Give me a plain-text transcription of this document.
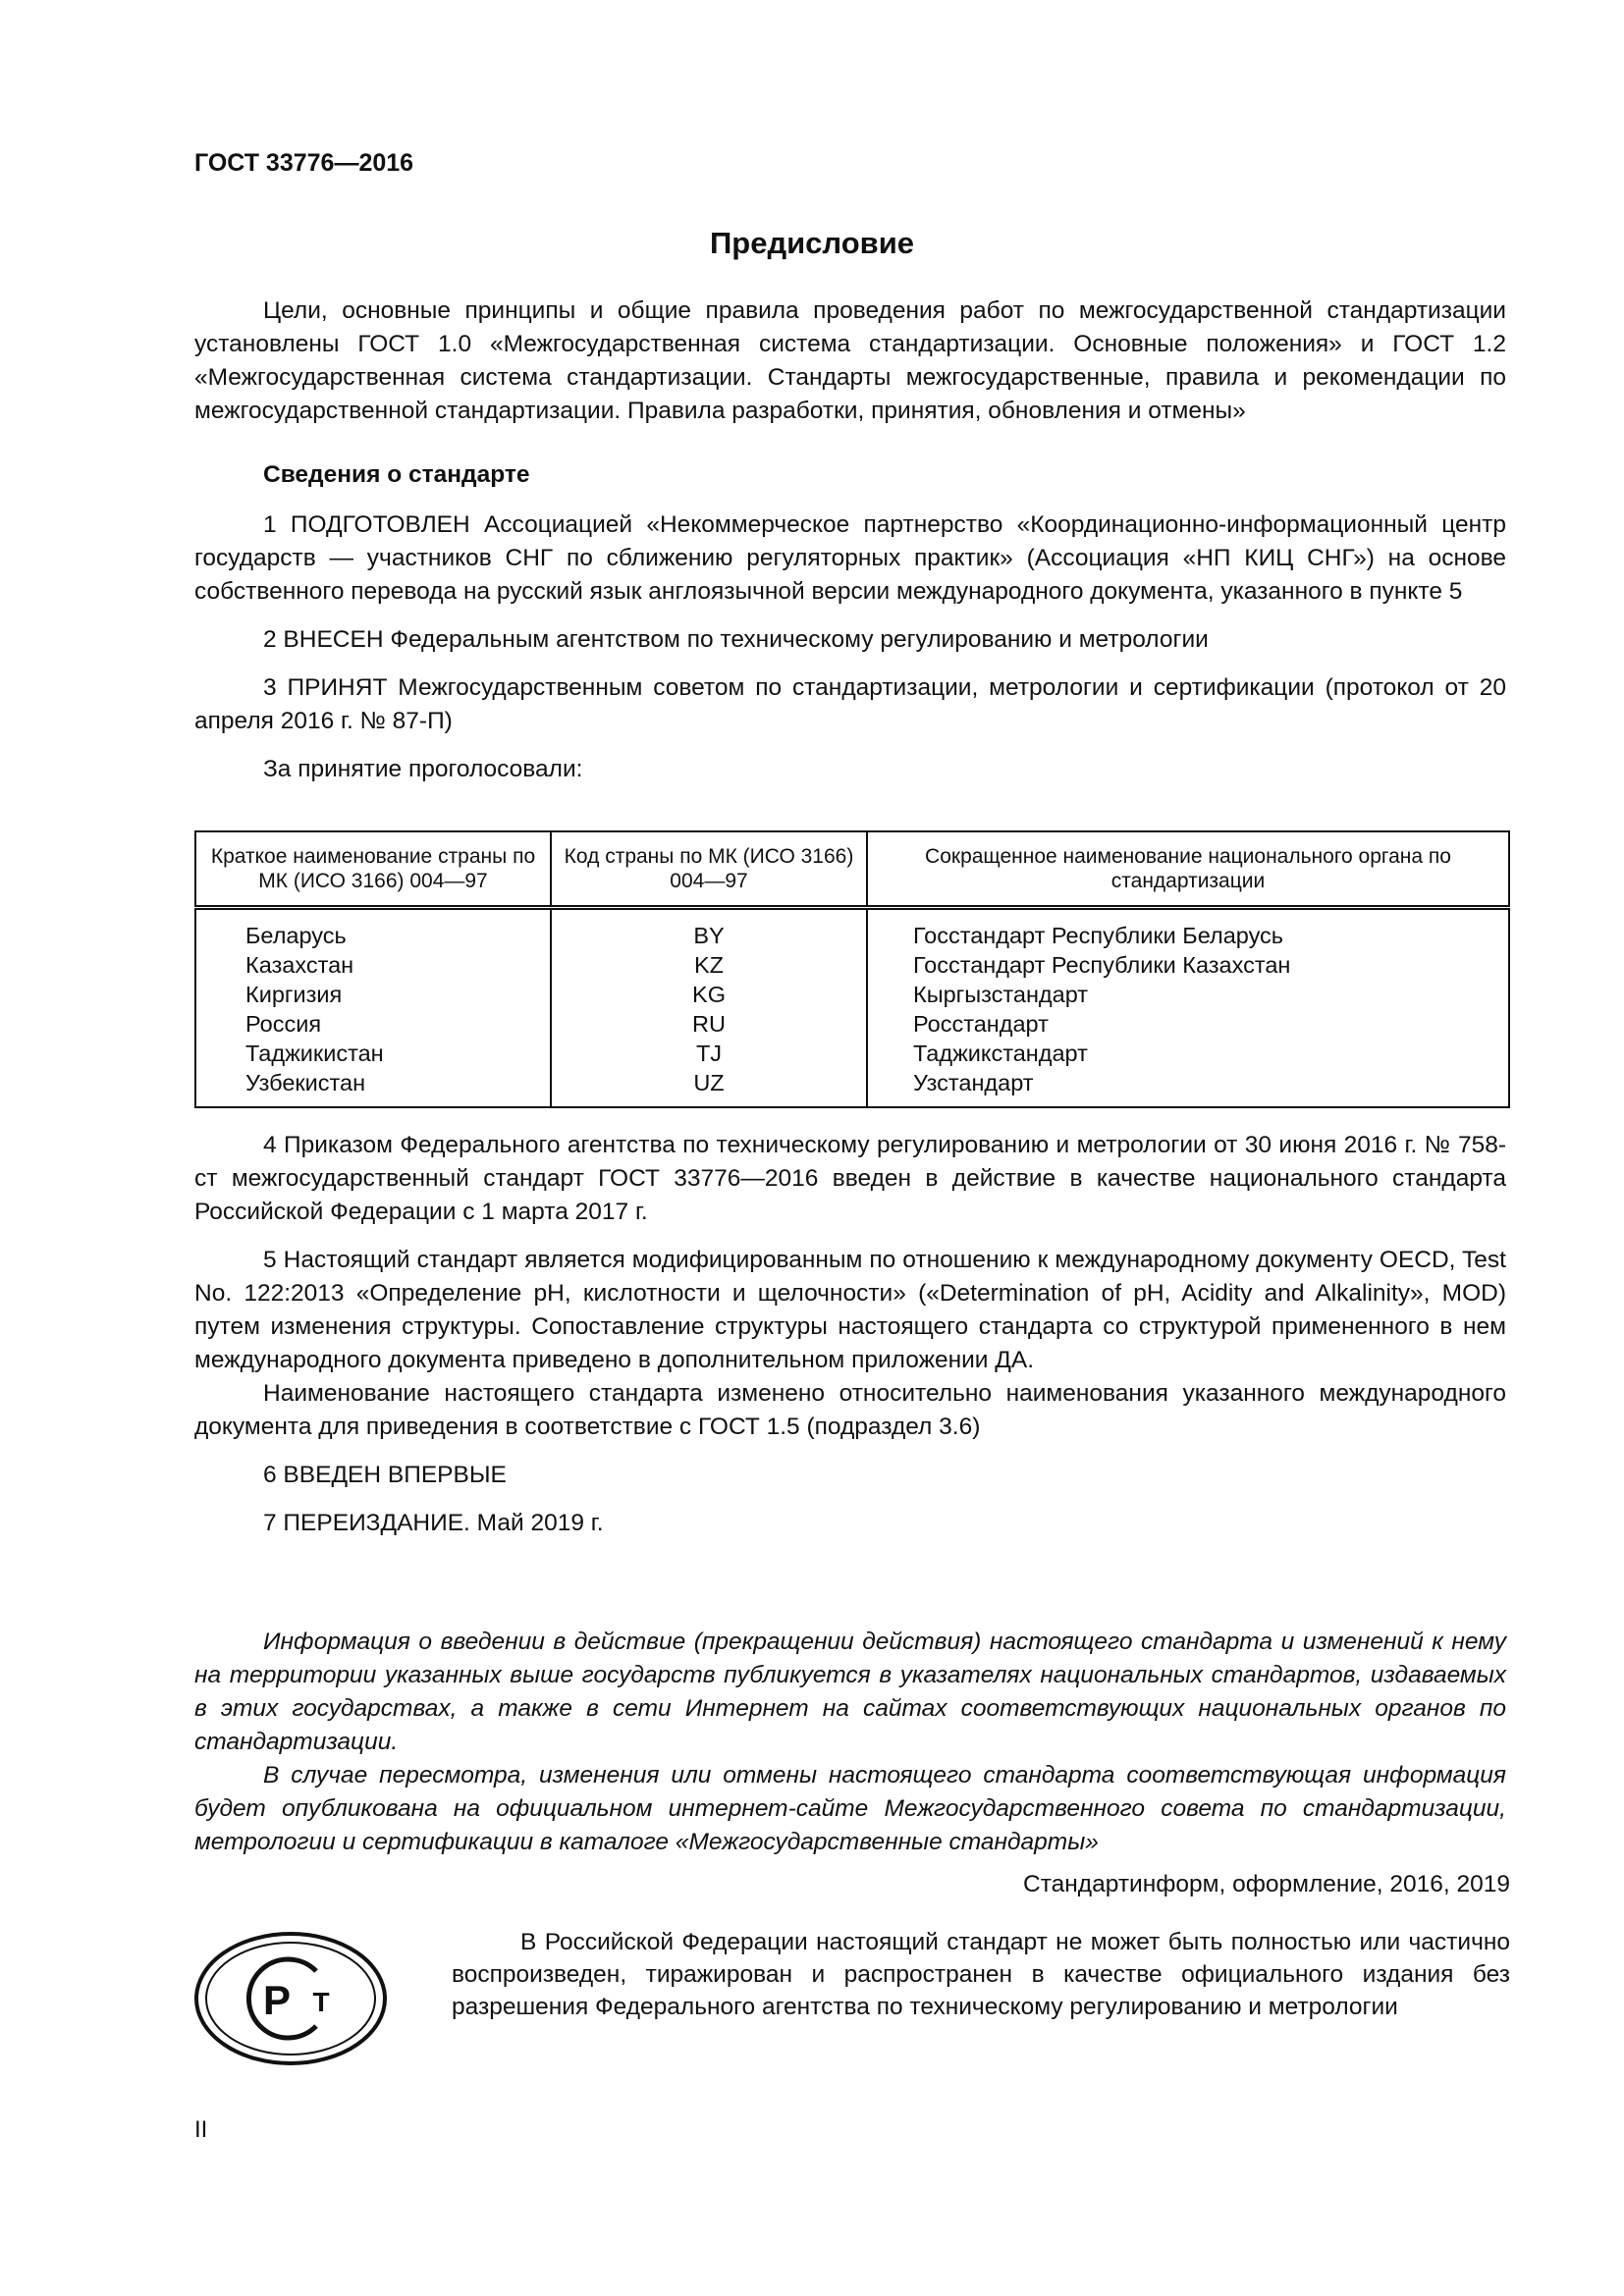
ГОСТ 33776—2016
Предисловие

Цели, основные принципы и общие правила проведения работ по межгосударственной стандартизации установлены ГОСТ 1.0 «Межгосударственная система стандартизации. Основные положения» и ГОСТ 1.2 «Межгосударственная система стандартизации. Стандарты межгосударственные, правила и рекомендации по межгосударственной стандартизации. Правила разработки, принятия, обновления и отмены»

Сведения о стандарте

1 ПОДГОТОВЛЕН Ассоциацией «Некоммерческое партнерство «Координационно-информационный центр государств — участников СНГ по сближению регуляторных практик» (Ассоциация «НП КИЦ СНГ») на основе собственного перевода на русский язык англоязычной версии международного документа, указанного в пункте 5

2 ВНЕСЕН Федеральным агентством по техническому регулированию и метрологии

3 ПРИНЯТ Межгосударственным советом по стандартизации, метрологии и сертификации (протокол от 20 апреля 2016 г. № 87-П)

За принятие проголосовали:

Краткое наименование страны по МК (ИСО 3166) 004—97	Код страны по МК (ИСО 3166) 004—97	Сокращенное наименование национального органа по стандартизации
Беларусь	BY	Госстандарт Республики Беларусь
Казахстан	KZ	Госстандарт Республики Казахстан
Киргизия	KG	Кыргызстандарт
Россия	RU	Росстандарт
Таджикистан	TJ	Таджикстандарт
Узбекистан	UZ	Узстандарт

4 Приказом Федерального агентства по техническому регулированию и метрологии от 30 июня 2016 г. № 758-ст межгосударственный стандарт ГОСТ 33776—2016 введен в действие в качестве национального стандарта Российской Федерации с 1 марта 2017 г.

5 Настоящий стандарт является модифицированным по отношению к международному документу OECD, Test No. 122:2013 «Определение pH, кислотности и щелочности» («Determination of pH, Acidity and Alkalinity», MOD) путем изменения структуры. Сопоставление структуры настоящего стандарта со структурой примененного в нем международного документа приведено в дополнительном приложении ДА.

Наименование настоящего стандарта изменено относительно наименования указанного международного документа для приведения в соответствие с ГОСТ 1.5 (подраздел 3.6)

6 ВВЕДЕН ВПЕРВЫЕ

7 ПЕРЕИЗДАНИЕ. Май 2019 г.

Информация о введении в действие (прекращении действия) настоящего стандарта и изменений к нему на территории указанных выше государств публикуется в указателях национальных стандартов, издаваемых в этих государствах, а также в сети Интернет на сайтах соответствующих национальных органов по стандартизации.

В случае пересмотра, изменения или отмены настоящего стандарта соответствующая информация будет опубликована на официальном интернет-сайте Межгосударственного совета по стандартизации, метрологии и сертификации в каталоге «Межгосударственные стандарты»

Стандартинформ, оформление, 2016, 2019
Р Т

В Российской Федерации настоящий стандарт не может быть полностью или частично воспроизведен, тиражирован и распространен в качестве официального издания без разрешения Федерального агентства по техническому регулированию и метрологии

II
